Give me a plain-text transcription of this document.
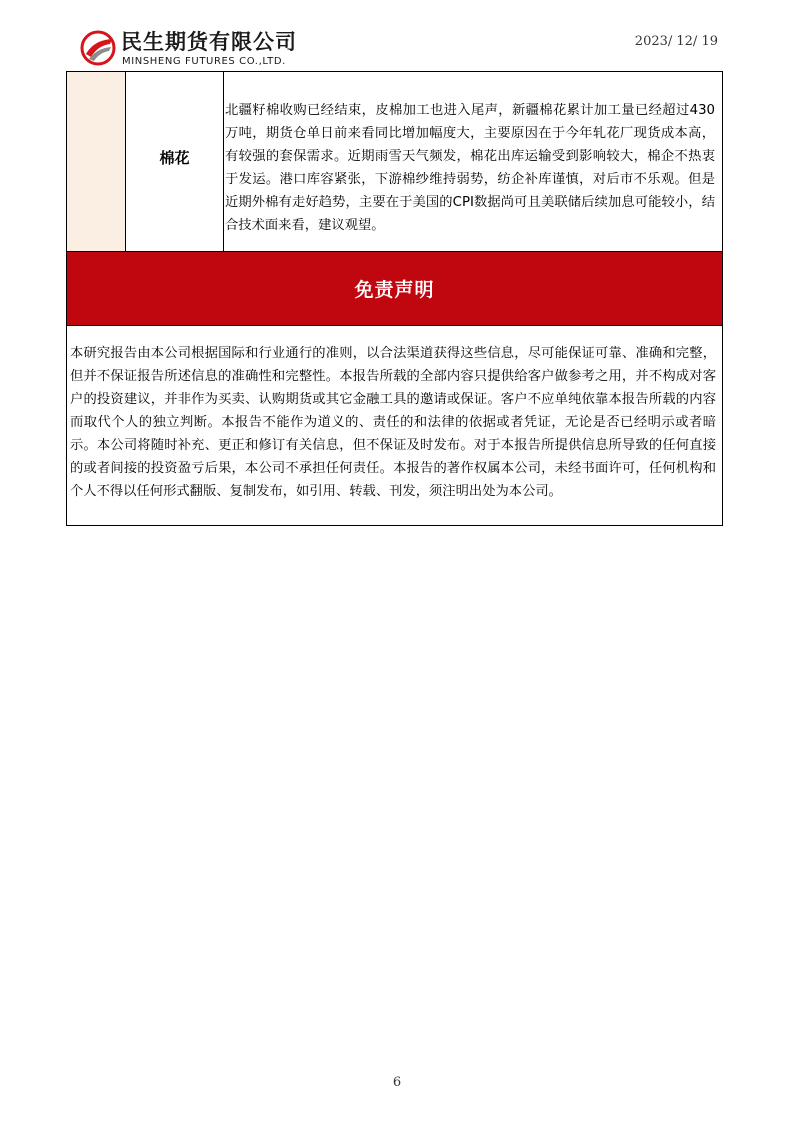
民生期货有限公司
MINSHENG FUTURES CO.,LTD.
2023/ 12/ 19
棉花
北疆籽棉收购已经结束，皮棉加工也进入尾声，新疆棉花累计加工量已经超过430万吨，期货仓单日前来看同比增加幅度大，主要原因在于今年轧花厂现货成本高，有较强的套保需求。近期雨雪天气频发，棉花出库运输受到影响较大，棉企不热衷于发运。港口库容紧张，下游棉纱维持弱势，纺企补库谨慎，对后市不乐观。但是近期外棉有走好趋势，主要在于美国的CPI数据尚可且美联储后续加息可能较小，结合技术面来看，建议观望。
免责声明

本研究报告由本公司根据国际和行业通行的准则，以合法渠道获得这些信息，尽可能保证可靠、准确和完整，但并不保证报告所述信息的准确性和完整性。本报告所载的全部内容只提供给客户做参考之用，并不构成对客户的投资建议，并非作为买卖、认购期货或其它金融工具的邀请或保证。客户不应单纯依靠本报告所载的内容而取代个人的独立判断。本报告不能作为道义的、责任的和法律的依据或者凭证，无论是否已经明示或者暗示。本公司将随时补充、更正和修订有关信息，但不保证及时发布。对于本报告所提供信息所导致的任何直接的或者间接的投资盈亏后果，本公司不承担任何责任。本报告的著作权属本公司，未经书面许可，任何机构和个人不得以任何形式翻版、复制发布，如引用、转载、刊发，须注明出处为本公司。

6
